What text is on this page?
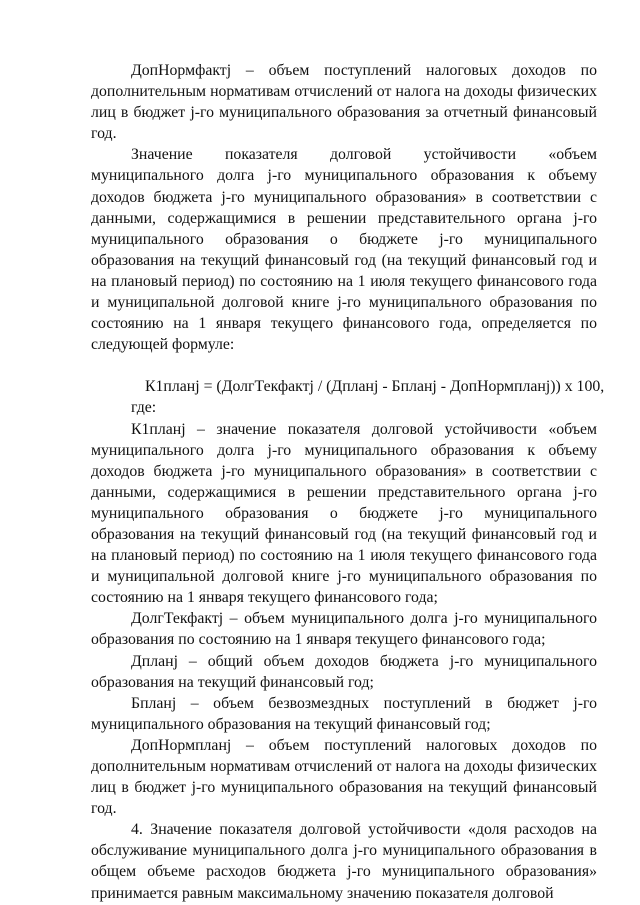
ДопНормфактj – объем поступлений налоговых доходов по дополнительным нормативам отчислений от налога на доходы физических лиц в бюджет j-го муниципального образования за отчетный финансовый год.

Значение показателя долговой устойчивости «объем муниципального долга j-го муниципального образования к объему доходов бюджета j-го муниципального образования» в соответствии с данными, содержащимися в решении представительного органа j-го муниципального образования о бюджете j-го муниципального образования на текущий финансовый год (на текущий финансовый год и на плановый период) по состоянию на 1 июля текущего финансового года и муниципальной долговой книге j-го муниципального образования по состоянию на 1 января текущего финансового года, определяется по следующей формуле:

К1планj = (ДолгТекфактj / (Дпланj - Бпланj - ДопНормпланj)) x 100,

где:

К1планj – значение показателя долговой устойчивости «объем муниципального долга j-го муниципального образования к объему доходов бюджета j-го муниципального образования» в соответствии с данными, содержащимися в решении представительного органа j-го муниципального образования о бюджете j-го муниципального образования на текущий финансовый год (на текущий финансовый год и на плановый период) по состоянию на 1 июля текущего финансового года и муниципальной долговой книге j-го муниципального образования по состоянию на 1 января текущего финансового года;

ДолгТекфактj – объем муниципального долга j-го муниципального образования по состоянию на 1 января текущего финансового года;

Дпланj – общий объем доходов бюджета j-го муниципального образования на текущий финансовый год;

Бпланj – объем безвозмездных поступлений в бюджет j-го муниципального образования на текущий финансовый год;

ДопНормпланj – объем поступлений налоговых доходов по дополнительным нормативам отчислений от налога на доходы физических лиц в бюджет j-го муниципального образования на текущий финансовый год.

4. Значение показателя долговой устойчивости «доля расходов на обслуживание муниципального долга j-го муниципального образования в общем объеме расходов бюджета j-го муниципального образования» принимается равным максимальному значению показателя долговой
